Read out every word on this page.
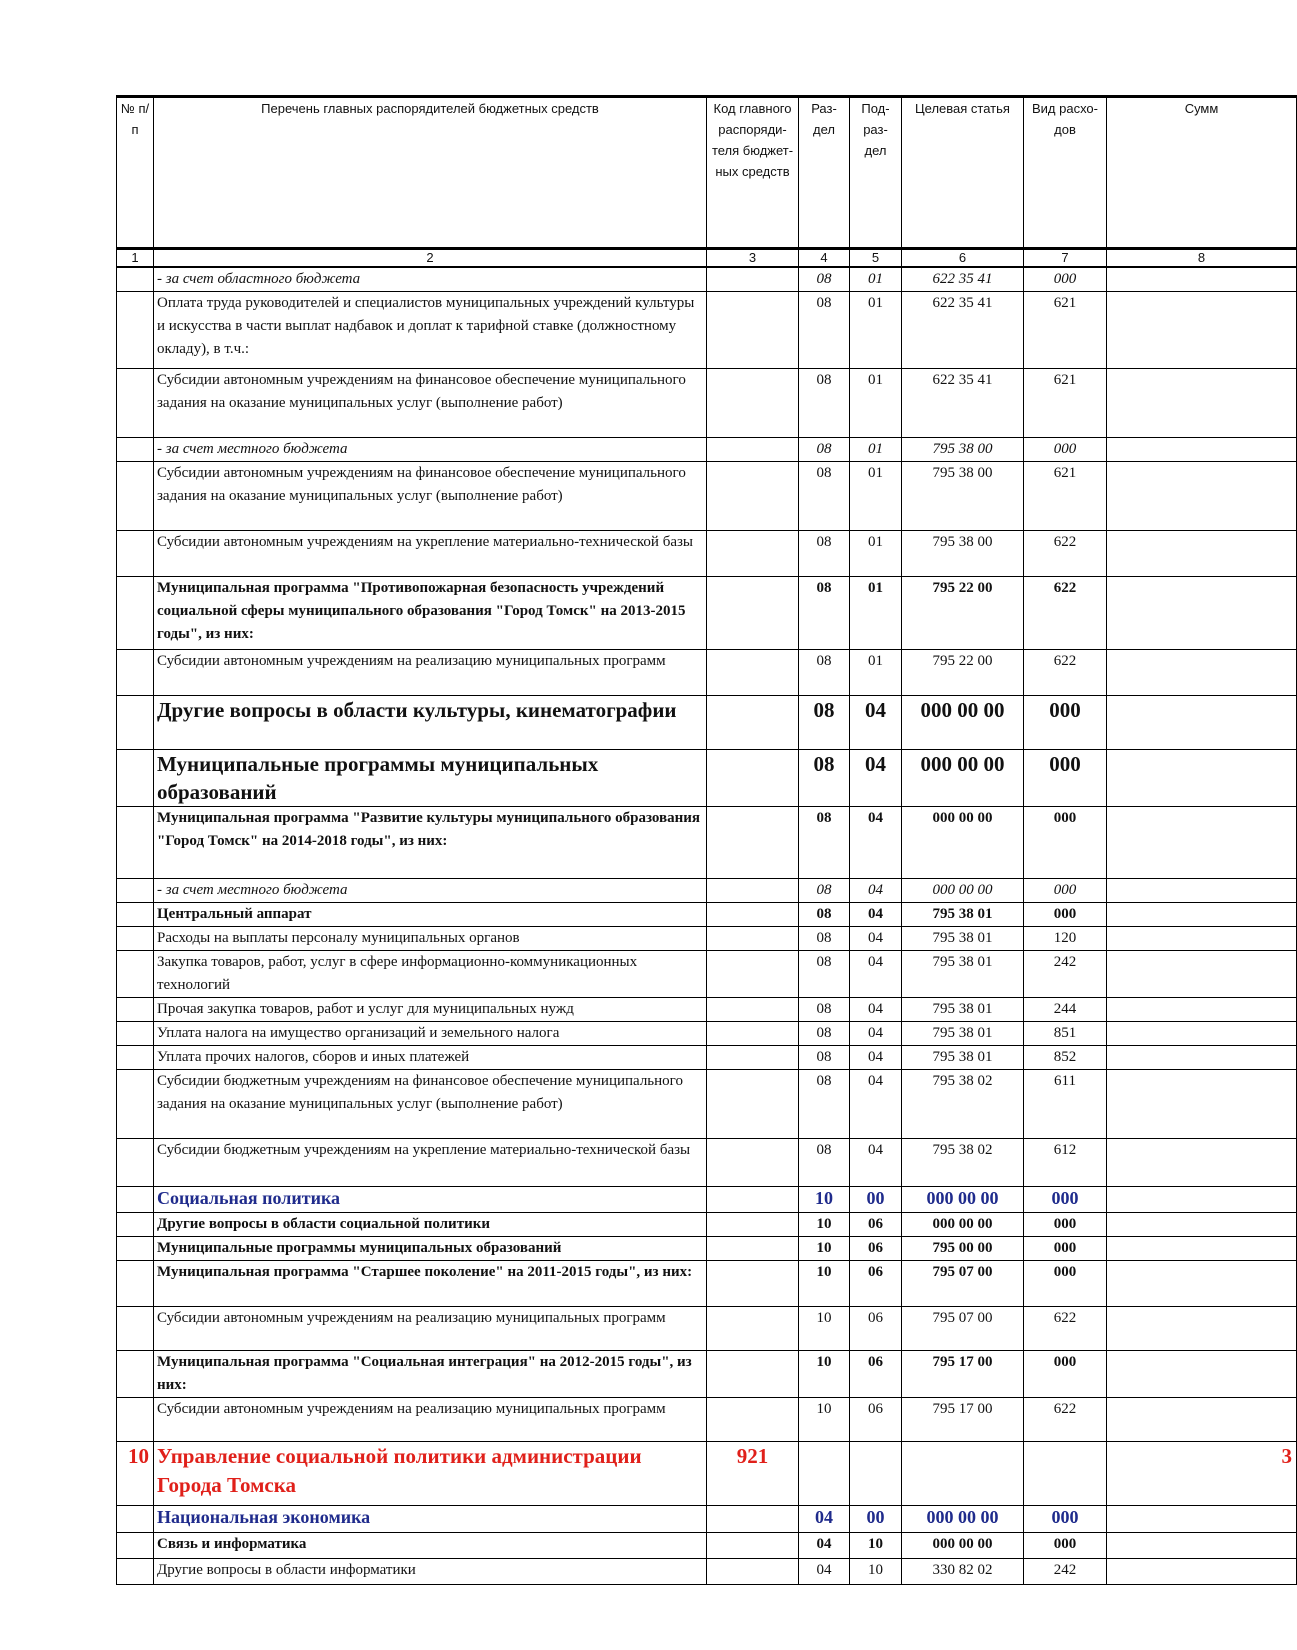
№ п/п	Перечень главных распорядителей бюджетных средств	Код главного распоряди-теля бюджет-ных средств	Раз-дел	Под-раз-дел	Целевая статья	Вид расхо-дов	Сумм
1	2	3	4	5	6	7	8
	- за счет областного бюджета		08	01	622 35 41	000	
	Оплата труда руководителей и специалистов муниципальных учреждений культуры и искусства в части выплат надбавок и доплат к тарифной ставке (должностному окладу), в т.ч.:		08	01	622 35 41	621	
	Субсидии автономным учреждениям на финансовое обеспечение муниципального задания на оказание муниципальных услуг (выполнение работ)		08	01	622 35 41	621	
	- за счет местного бюджета		08	01	795 38 00	000	
	Субсидии автономным учреждениям на финансовое обеспечение муниципального задания на оказание муниципальных услуг (выполнение работ)		08	01	795 38 00	621	
	Субсидии автономным учреждениям на укрепление материально-технической базы		08	01	795 38 00	622	
	Муниципальная программа "Противопожарная безопасность учреждений социальной сферы муниципального образования "Город Томск" на 2013-2015 годы", из них:		08	01	795 22 00	622	
	Субсидии автономным учреждениям на реализацию муниципальных программ		08	01	795 22 00	622	
	Другие вопросы в области культуры, кинематографии		08	04	000 00 00	000	
	Муниципальные программы муниципальных образований		08	04	000 00 00	000	
	Муниципальная программа "Развитие культуры муниципального образования "Город Томск" на 2014-2018 годы", из них:		08	04	000 00 00	000	
	- за счет местного бюджета		08	04	000 00 00	000	
	Центральный аппарат		08	04	795 38 01	000	
	Расходы на выплаты персоналу муниципальных органов		08	04	795 38 01	120	
	Закупка товаров, работ, услуг в сфере информационно-коммуникационных технологий		08	04	795 38 01	242	
	Прочая закупка товаров, работ и услуг для муниципальных нужд		08	04	795 38 01	244	
	Уплата налога на имущество организаций и земельного налога		08	04	795 38 01	851	
	Уплата прочих налогов, сборов и иных платежей		08	04	795 38 01	852	
	Субсидии бюджетным учреждениям на финансовое обеспечение муниципального задания на оказание муниципальных услуг (выполнение работ)		08	04	795 38 02	611	
	Субсидии бюджетным учреждениям на укрепление материально-технической базы		08	04	795 38 02	612	
	Социальная политика		10	00	000 00 00	000	
	Другие вопросы в области социальной политики		10	06	000 00 00	000	
	Муниципальные программы муниципальных образований		10	06	795 00 00	000	
	Муниципальная программа "Старшее поколение" на 2011-2015 годы", из них:		10	06	795 07 00	000	
	Субсидии автономным учреждениям на реализацию муниципальных программ		10	06	795 07 00	622	
	Муниципальная программа "Социальная интеграция" на 2012-2015 годы", из них:		10	06	795 17 00	000	
	Субсидии автономным учреждениям на реализацию муниципальных программ		10	06	795 17 00	622	
10	Управление социальной политики администрации Города Томска	921					3
	Национальная экономика		04	00	000 00 00	000	
	Связь и информатика		04	10	000 00 00	000	
	Другие вопросы в области информатики		04	10	330 82 02	242	
